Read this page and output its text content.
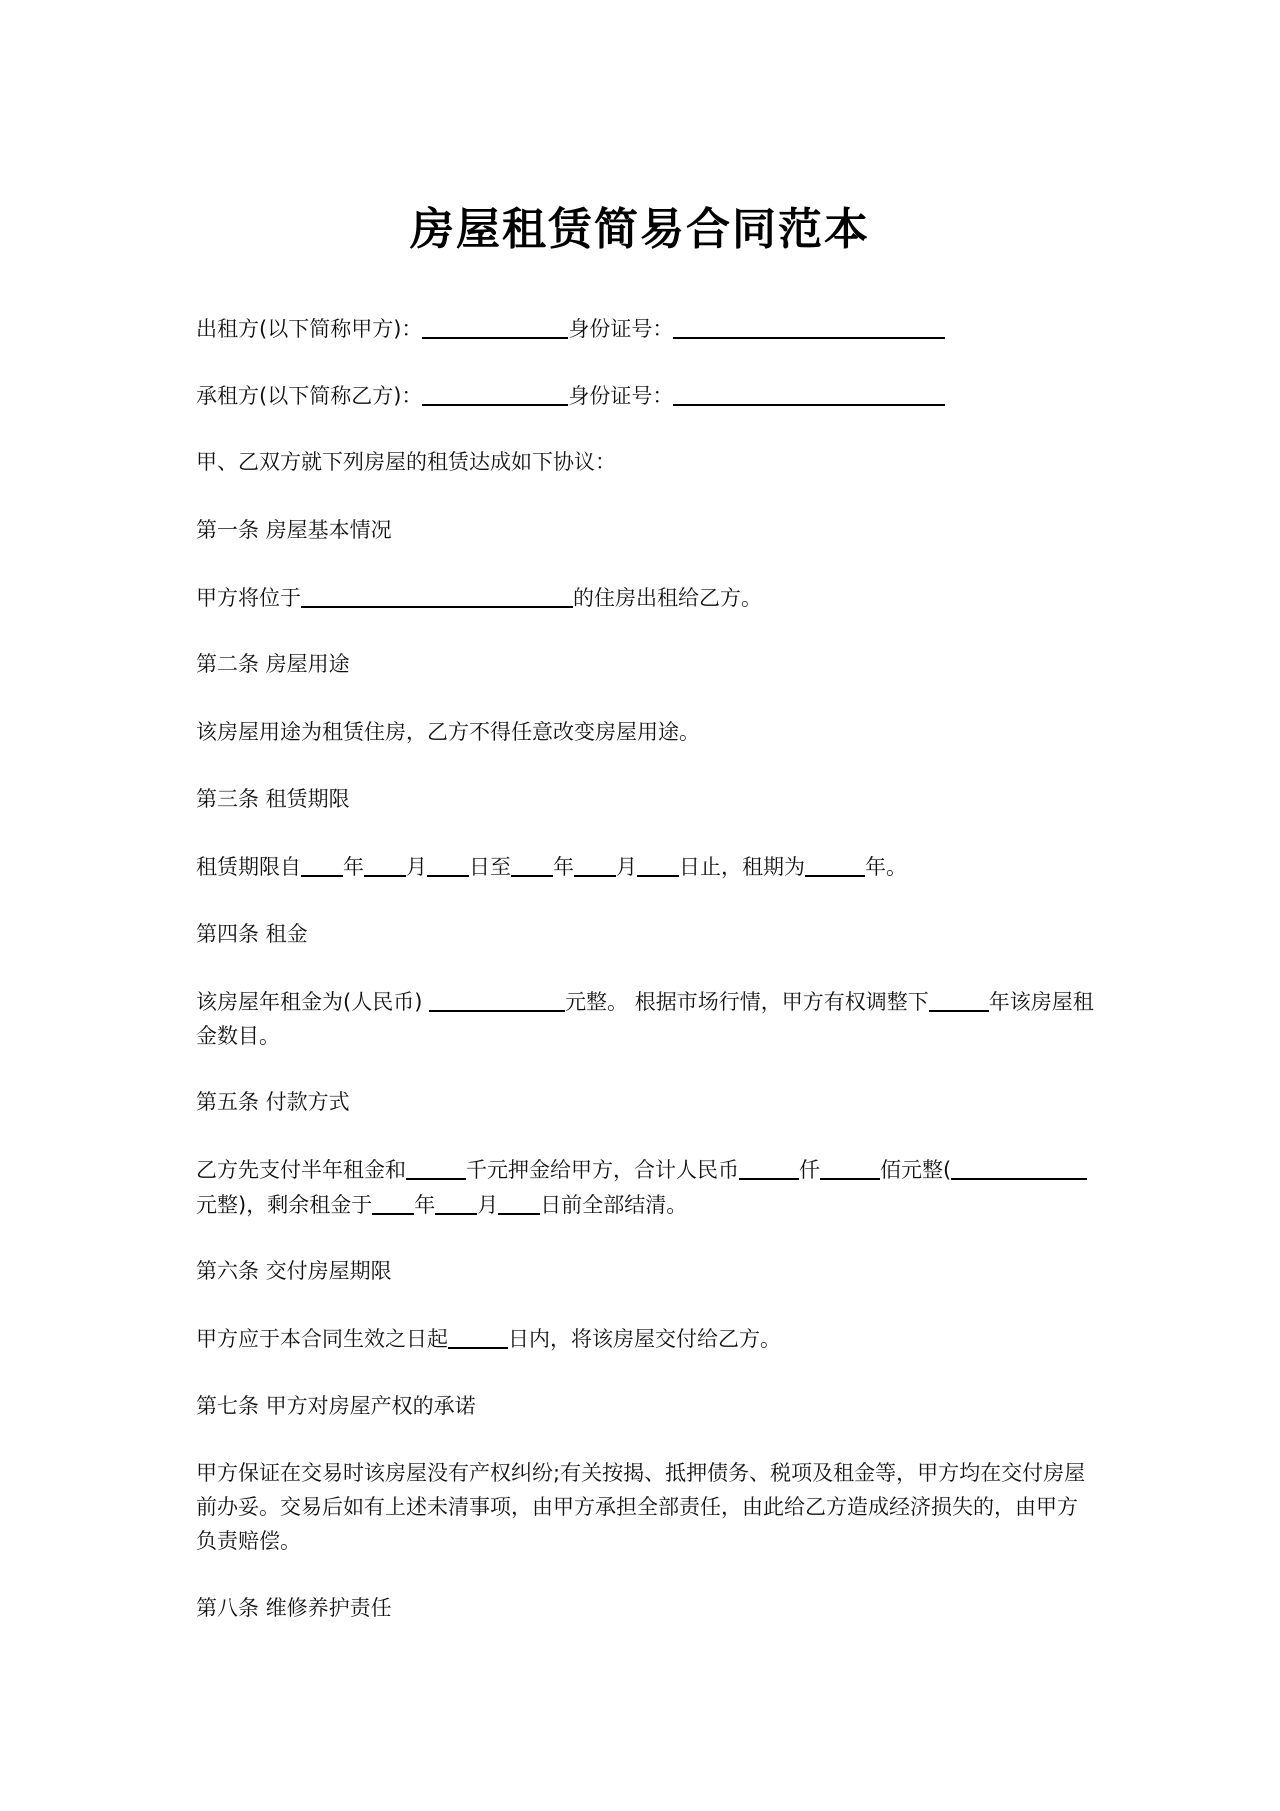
房屋租赁简易合同范本
出租方(以下简称甲方)：	身份证号：
承租方(以下简称乙方)：	身份证号：
甲、乙双方就下列房屋的租赁达成如下协议：
第一条 房屋基本情况
甲方将位于	的住房出租给乙方。
第二条 房屋用途
该房屋用途为租赁住房，乙方不得任意改变房屋用途。
第三条 租赁期限
租赁期限自 年 月 日至 年 月 日止，租期为	年。
第四条 租金
该房屋年租金为(人民币)	元整。 根据市场行情，甲方有权调整下	年该房屋租金数目。
第五条 付款方式
乙方先支付半年租金和	千元押金给甲方，合计人民币	仟	佰元整(元整)，剩余租金于 年 月 日前全部结清。
第六条 交付房屋期限
甲方应于本合同生效之日起	日内，将该房屋交付给乙方。
第七条 甲方对房屋产权的承诺
甲方保证在交易时该房屋没有产权纠纷;有关按揭、抵押债务、税项及租金等，甲方均在交付房屋前办妥。交易后如有上述未清事项，由甲方承担全部责任，由此给乙方造成经济损失的，由甲方负责赔偿。
第八条 维修养护责任
